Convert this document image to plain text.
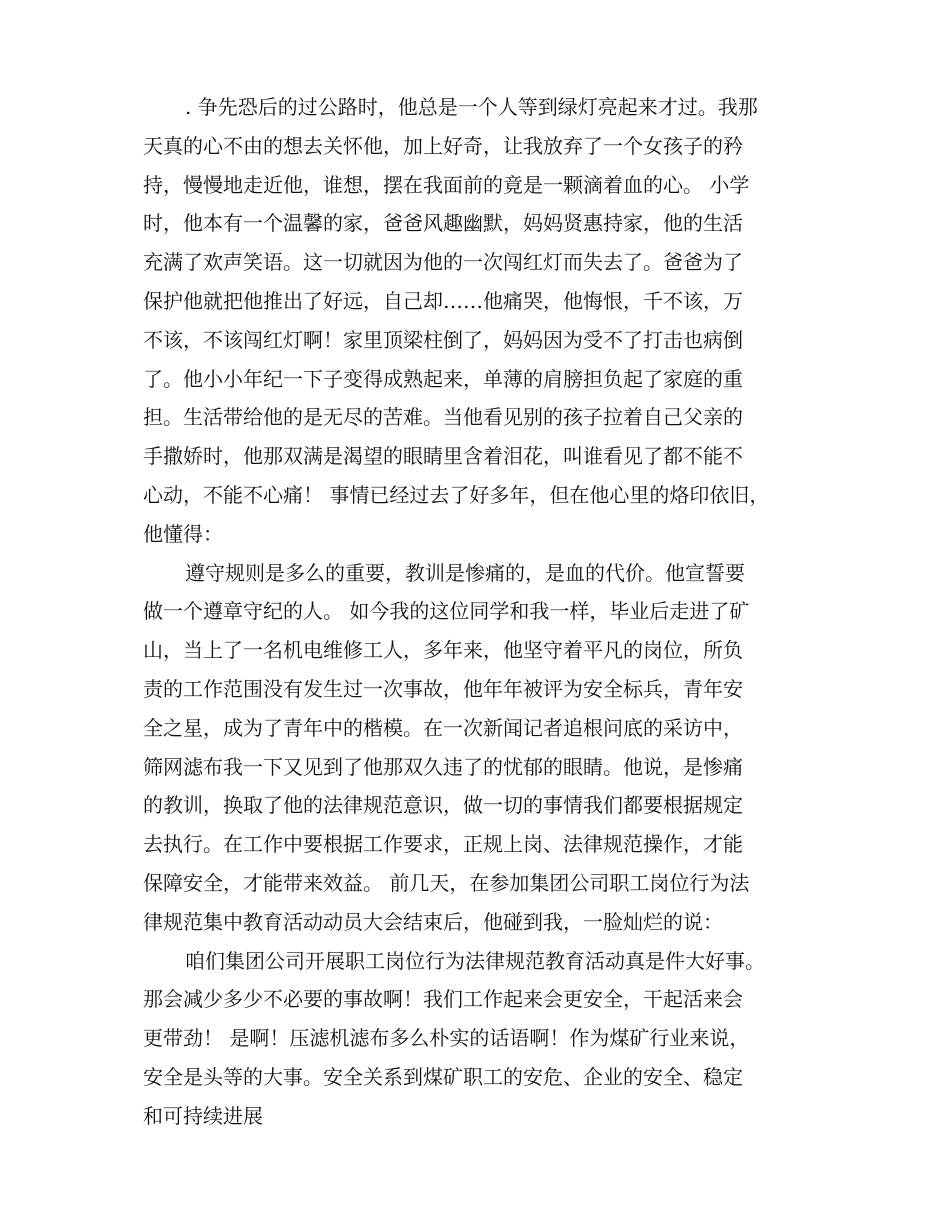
. 争先恐后的过公路时，他总是一个人等到绿灯亮起来才过。我那
天真的心不由的想去关怀他，加上好奇，让我放弃了一个女孩子的矜
持，慢慢地走近他，谁想，摆在我面前的竟是一颗滴着血的心。 小学
时，他本有一个温馨的家，爸爸风趣幽默，妈妈贤惠持家，他的生活
充满了欢声笑语。这一切就因为他的一次闯红灯而失去了。爸爸为了
保护他就把他推出了好远，自己却……他痛哭，他悔恨，千不该，万
不该，不该闯红灯啊！家里顶梁柱倒了，妈妈因为受不了打击也病倒
了。他小小年纪一下子变得成熟起来，单薄的肩膀担负起了家庭的重
担。生活带给他的是无尽的苦难。当他看见别的孩子拉着自己父亲的
手撒娇时，他那双满是渴望的眼睛里含着泪花，叫谁看见了都不能不
心动，不能不心痛！ 事情已经过去了好多年，但在他心里的烙印依旧，
他懂得：
遵守规则是多么的重要，教训是惨痛的，是血的代价。他宣誓要
做一个遵章守纪的人。 如今我的这位同学和我一样，毕业后走进了矿
山，当上了一名机电维修工人，多年来，他坚守着平凡的岗位，所负
责的工作范围没有发生过一次事故，他年年被评为安全标兵，青年安
全之星，成为了青年中的楷模。在一次新闻记者追根问底的采访中，
筛网滤布我一下又见到了他那双久违了的忧郁的眼睛。他说，是惨痛
的教训，换取了他的法律规范意识，做一切的事情我们都要根据规定
去执行。在工作中要根据工作要求，正规上岗、法律规范操作，才能
保障安全，才能带来效益。 前几天，在参加集团公司职工岗位行为法
律规范集中教育活动动员大会结束后，他碰到我，一脸灿烂的说：
咱们集团公司开展职工岗位行为法律规范教育活动真是件大好事。
那会减少多少不必要的事故啊！我们工作起来会更安全，干起活来会
更带劲！ 是啊！压滤机滤布多么朴实的话语啊！作为煤矿行业来说，
安全是头等的大事。安全关系到煤矿职工的安危、企业的安全、稳定
和可持续进展
